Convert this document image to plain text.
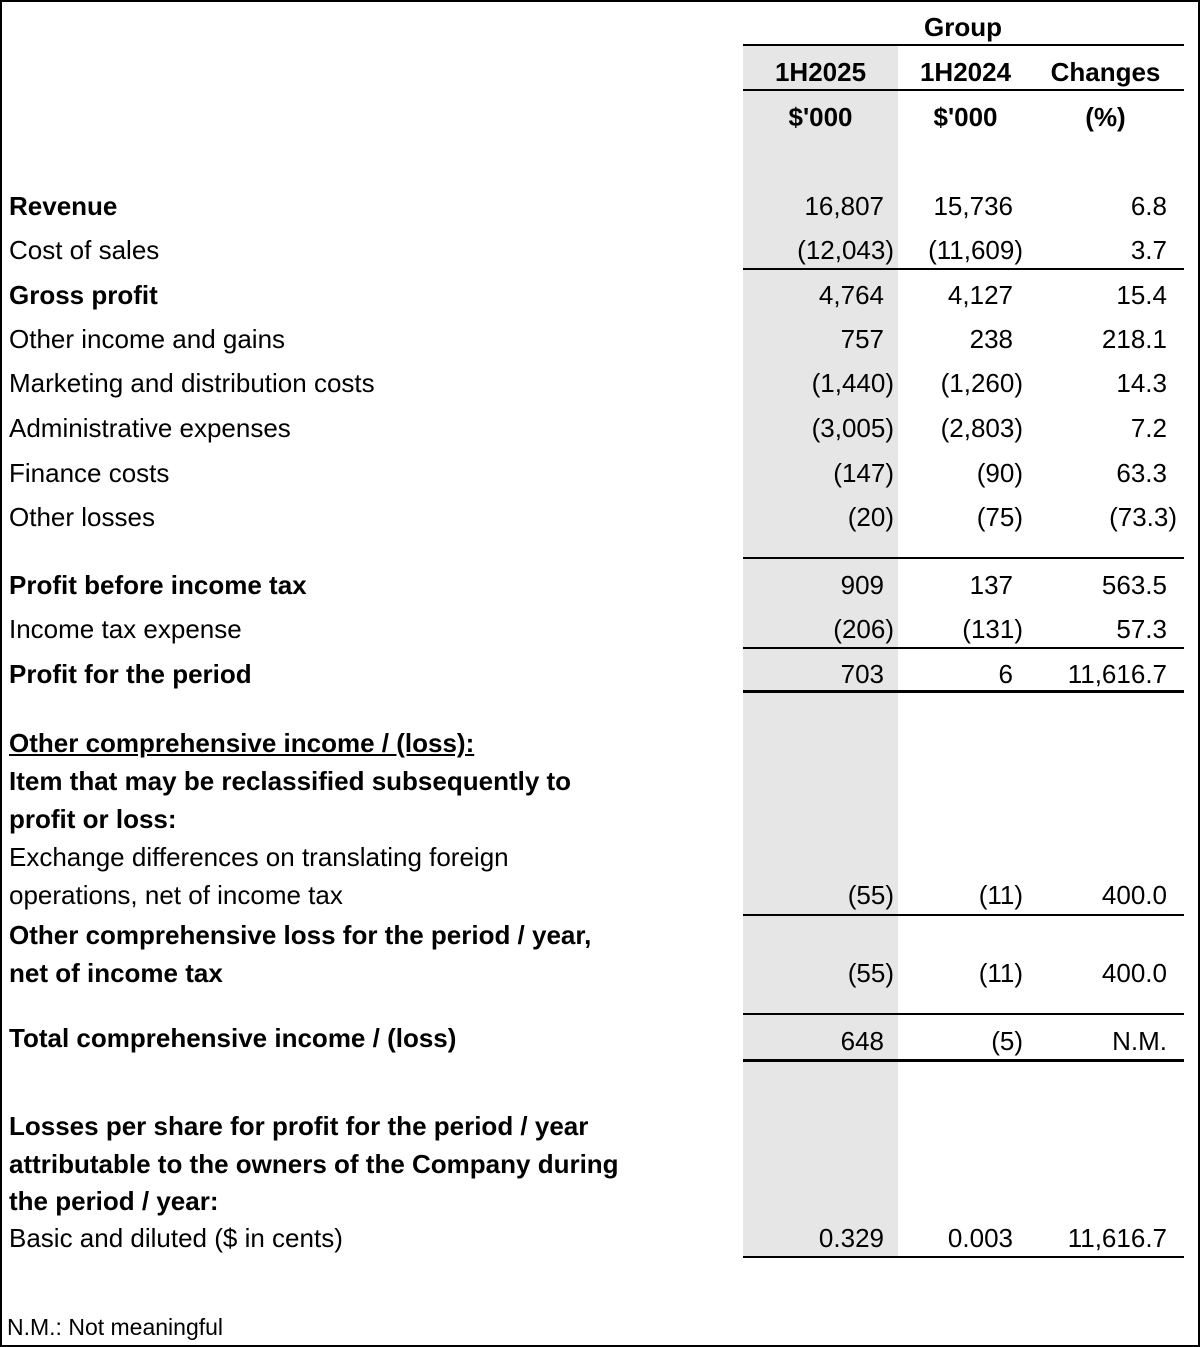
Group
1H2025	1H2024	Changes
$'000	$'000	(%)
Revenue	16,807	15,736	6.8
Cost of sales	(12,043)	(11,609)	3.7
Gross profit	4,764	4,127	15.4
Other income and gains	757	238	218.1
Marketing and distribution costs	(1,440)	(1,260)	14.3
Administrative expenses	(3,005)	(2,803)	7.2
Finance costs	(147)	(90)	63.3
Other losses	(20)	(75)	(73.3)
Profit before income tax	909	137	563.5
Income tax expense	(206)	(131)	57.3
Profit for the period	703	6	11,616.7
Other comprehensive income / (loss):
Item that may be reclassified subsequently to
profit or loss:
Exchange differences on translating foreign
operations, net of income tax	(55)	(11)	400.0
Other comprehensive loss for the period / year,
net of income tax	(55)	(11)	400.0
Total comprehensive income / (loss)	648	(5)	N.M.
Losses per share for profit for the period / year
attributable to the owners of the Company during
the period / year:
Basic and diluted ($ in cents)	0.329	0.003	11,616.7
N.M.: Not meaningful
